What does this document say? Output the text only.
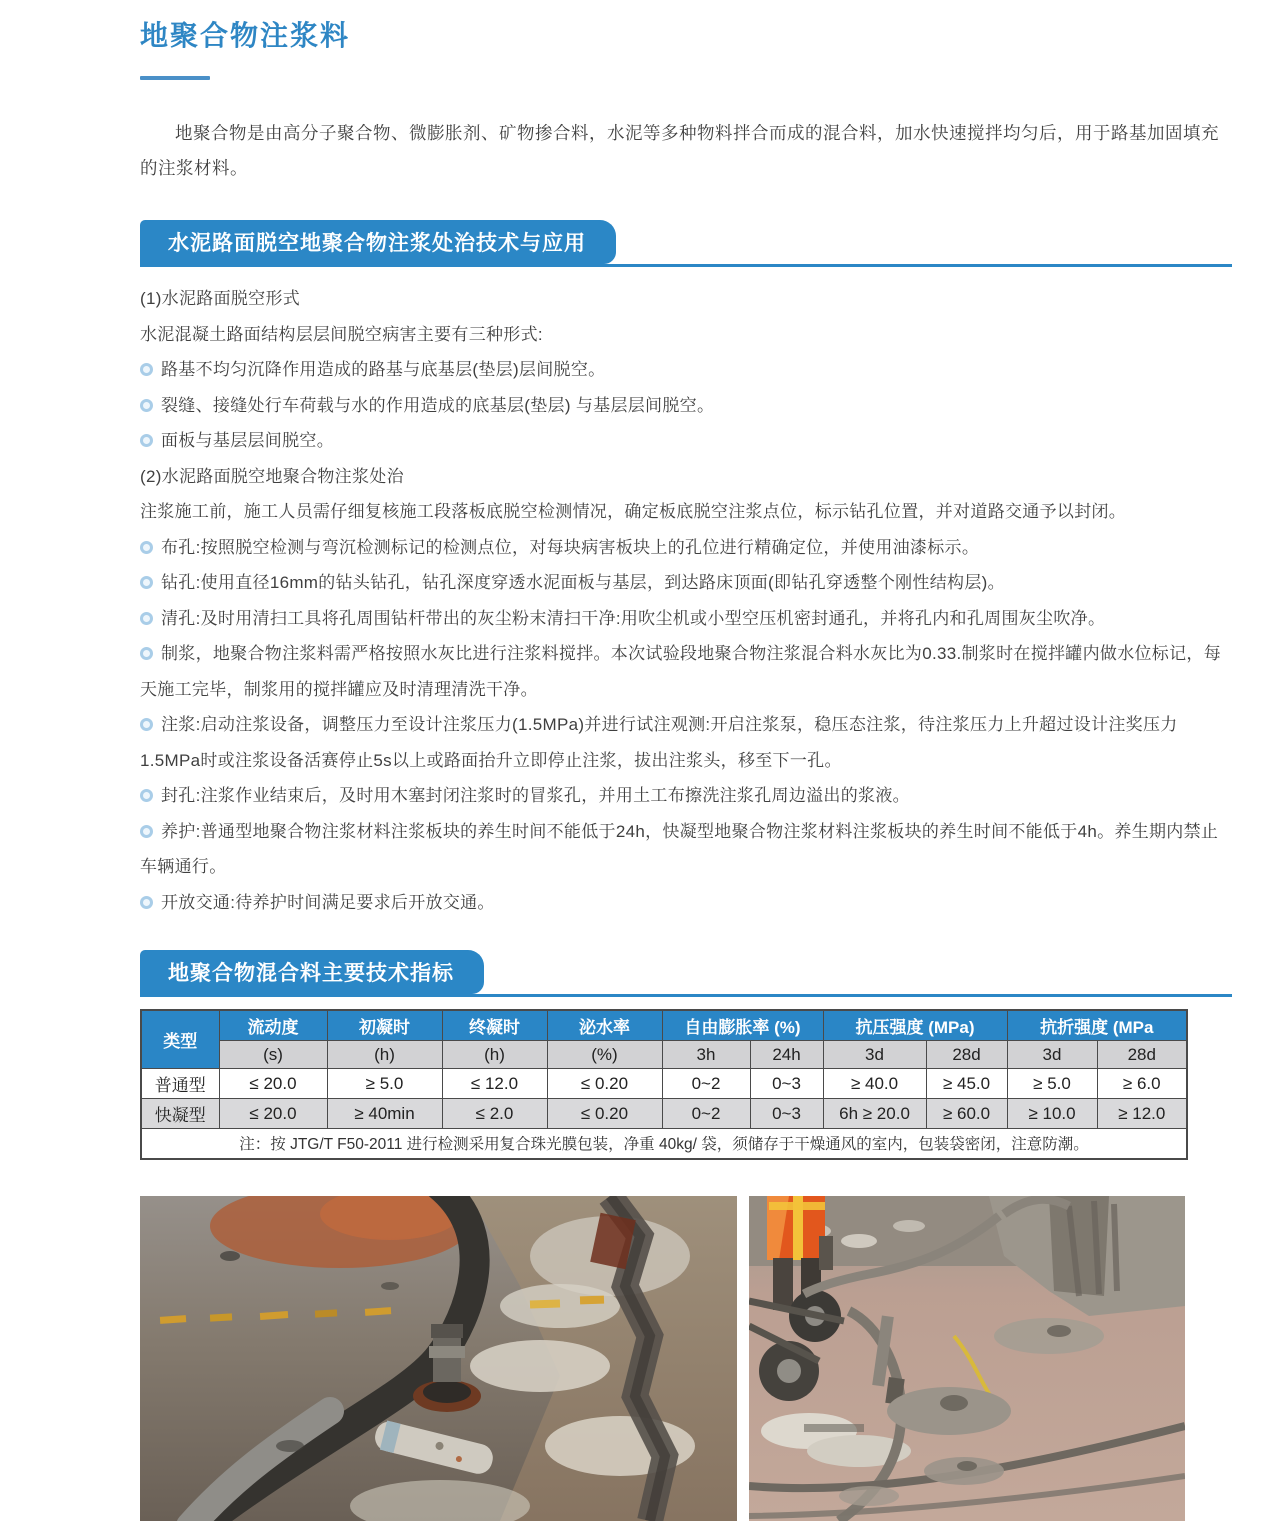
地聚合物注浆料

地聚合物是由高分子聚合物、微膨胀剂、矿物掺合料，水泥等多种物料拌合而成的混合料，加水快速搅拌均匀后，用于路基加固填充的注浆材料。

水泥路面脱空地聚合物注浆处治技术与应用
(1)水泥路面脱空形式
水泥混凝土路面结构层层间脱空病害主要有三种形式:
路基不均匀沉降作用造成的路基与底基层(垫层)层间脱空。
裂缝、接缝处行车荷载与水的作用造成的底基层(垫层) 与基层层间脱空。
面板与基层层间脱空。
(2)水泥路面脱空地聚合物注浆处治
注浆施工前，施工人员需仔细复核施工段落板底脱空检测情况，确定板底脱空注浆点位，标示钻孔位置，并对道路交通予以封闭。
布孔:按照脱空检测与弯沉检测标记的检测点位，对每块病害板块上的孔位进行精确定位，并使用油漆标示。
钻孔:使用直径16mm的钻头钻孔，钻孔深度穿透水泥面板与基层，到达路床顶面(即钻孔穿透整个刚性结构层)。
清孔:及时用清扫工具将孔周围钻杆带出的灰尘粉末清扫干净:用吹尘机或小型空压机密封通孔，并将孔内和孔周围灰尘吹净。
制浆，地聚合物注浆料需严格按照水灰比进行注浆料搅拌。本次试验段地聚合物注浆混合料水灰比为0.33.制浆时在搅拌罐内做水位标记，每天施工完毕，制浆用的搅拌罐应及时清理清洗干净。
注浆:启动注浆设备，调整压力至设计注浆压力(1.5MPa)并进行试注观测:开启注浆泵，稳压态注浆，待注浆压力上升超过设计注奖压力1.5MPa时或注浆设备活赛停止5s以上或路面抬升立即停止注浆，拔出注浆头，移至下一孔。
封孔:注浆作业结束后，及时用木塞封闭注浆时的冒浆孔，并用土工布擦洗注浆孔周边溢出的浆液。
养护:普通型地聚合物注浆材料注浆板块的养生时间不能低于24h，快凝型地聚合物注浆材料注浆板块的养生时间不能低于4h。养生期内禁止车辆通行。
开放交通:待养护时间满足要求后开放交通。
地聚合物混合料主要技术指标
类型	流动度	初凝时	终凝时	泌水率	自由膨胀率 (%)		抗压强度 (MPa)		抗折强度 (MPa	
	(s)	(h)	(h)	(%)	3h	24h	3d	28d	3d	28d
普通型	≤ 20.0	≥ 5.0	≤ 12.0	≤ 0.20	0~2	0~3	≥ 40.0	≥ 45.0	≥ 5.0	≥ 6.0
快凝型	≤ 20.0	≥ 40min	≤ 2.0	≤ 0.20	0~2	0~3	6h ≥ 20.0	≥ 60.0	≥ 10.0	≥ 12.0
注：按 JTG/T F50-2011 进行检测采用复合珠光膜包装，净重 40kg/ 袋，须储存于干燥通风的室内，包装袋密闭，注意防潮。										
